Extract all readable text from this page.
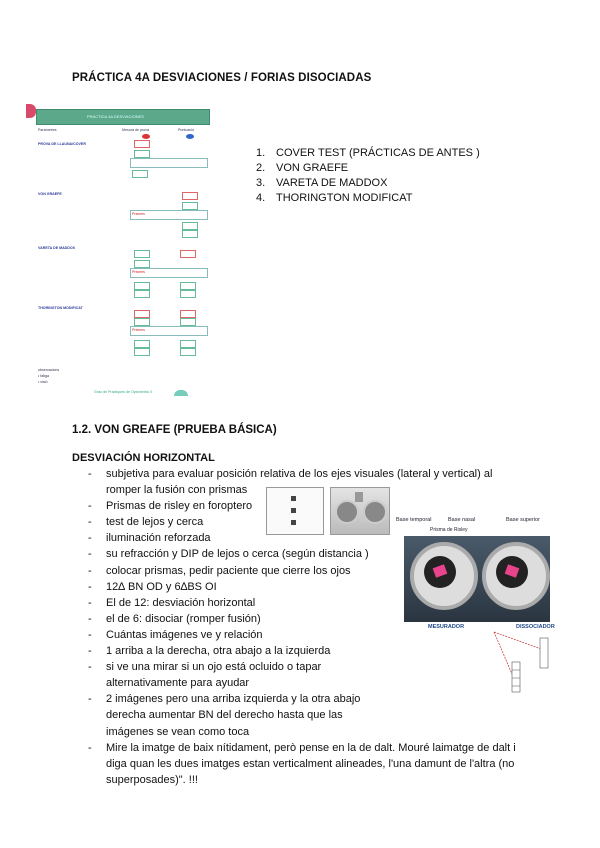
PRÁCTICA 4A DESVIACIONES / FORIAS DISOCIADAS
PRACTICA 4A DESVIACIONES
Paràmetres	Mesura de prova	Puntuació
PROVA DE LLAUNA/COVER
VON GRAEFE
Prismes
VARETA DE MADDOX
Prismes
THORINGTON MODIFICAT
Prismes
observacions
• fatiga
• visió
Grau de Practiques de Optometria II
1. COVER TEST (PRÁCTICAS DE ANTES )
2. VON GRAEFE
3. VARETA DE MADDOX
4. THORINGTON MODIFICAT
1.2. VON GREAFE (PRUEBA BÁSICA)
DESVIACIÓN HORIZONTAL
- subjetiva para evaluar posición relativa de los ejes visuales (lateral y vertical) al romper la fusión con prismas
- Prismas de risley en foroptero
- test de lejos y cerca
- iluminación reforzada
- su refracción y DIP de lejos o cerca (según distancia )
- colocar prismas, pedir paciente que cierre los ojos
- 12∆ BN OD y 6∆BS OI
- El de 12: desviación horizontal
- el de 6: disociar (romper fusión)
- Cuántas imágenes ve y relación
- 1 arriba a la derecha, otra abajo a la izquierda
- si ve una mirar si un ojo está ocluido o tapar alternativamente para ayudar
- 2 imágenes pero una arriba izquierda y la otra abajo derecha aumentar BN del derecho hasta que las imágenes se vean como toca
- Mire la imatge de baix nítidament, però pense en la de dalt. Mouré laimatge de dalt i diga quan les dues imatges estan verticalment alineades, l'una damunt de l'altra (no superposades)". !!!
Base temporal	Base nasal	Base superior
Prisma de Risley
MESURADOR	DISSOCIADOR
